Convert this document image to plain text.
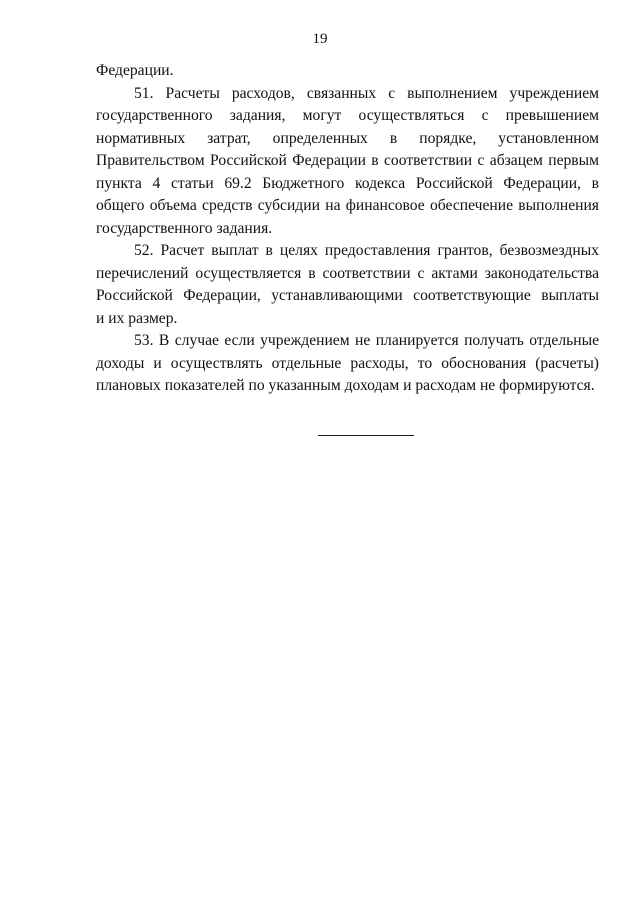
19
Федерации.
51. Расчеты расходов, связанных с выполнением учреждением
государственного задания, могут осуществляться с превышением
нормативных затрат, определенных в порядке, установленном
Правительством Российской Федерации в соответствии с абзацем первым
пункта 4 статьи 69.2 Бюджетного кодекса Российской Федерации, в
общего объема средств субсидии на финансовое обеспечение выполнения
государственного задания.
52. Расчет выплат в целях предоставления грантов, безвозмездных
перечислений осуществляется в соответствии с актами законодательства
Российской Федерации, устанавливающими соответствующие выплаты
и их размер.
53. В случае если учреждением не планируется получать отдельные
доходы и осуществлять отдельные расходы, то обоснования (расчеты)
плановых показателей по указанным доходам и расходам не формируются.
